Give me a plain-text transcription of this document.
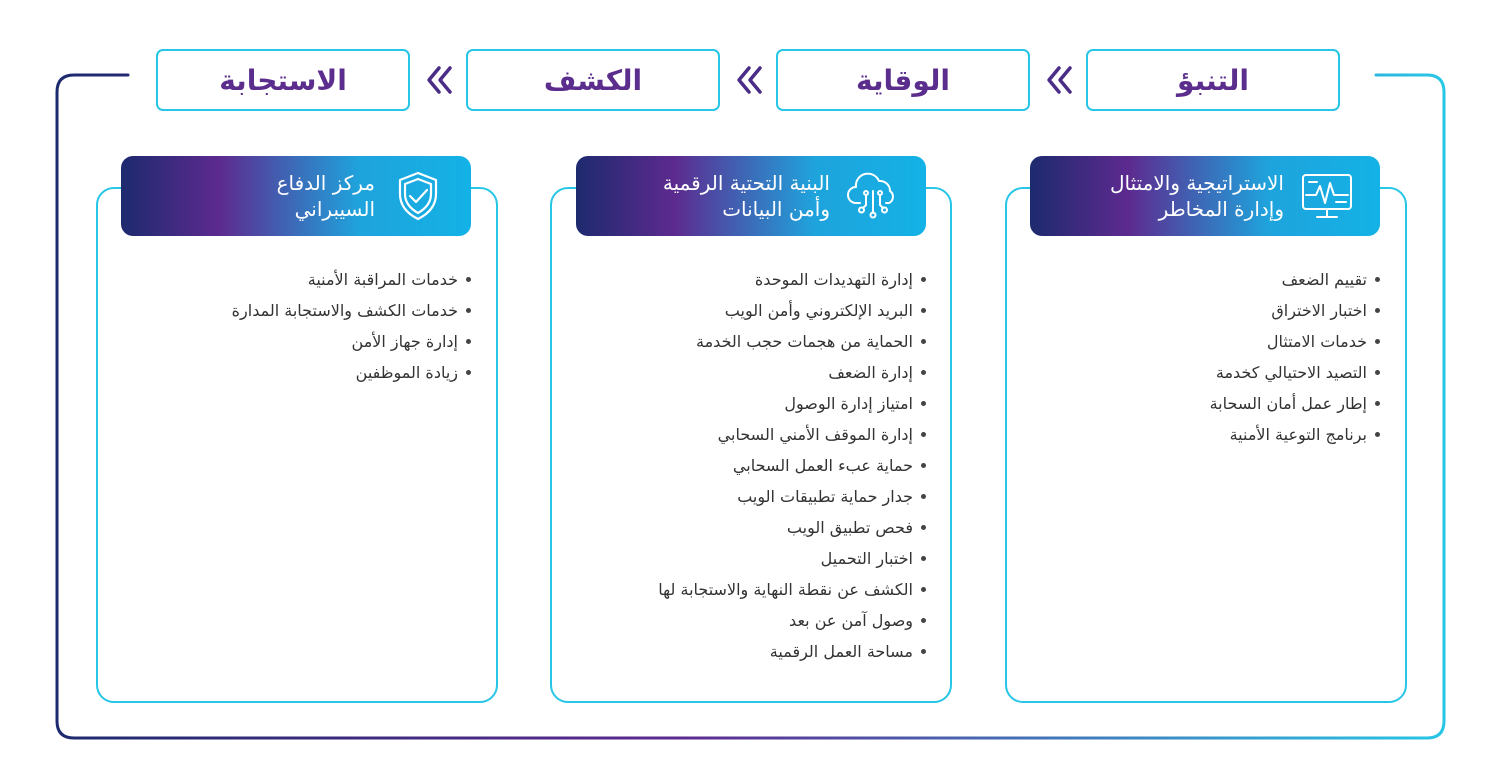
التنبؤ
الوقاية
الكشف
الاستجابة
الاستراتيجية والامتثال
وإدارة المخاطر
تقييم الضعف
اختبار الاختراق
خدمات الامتثال
التصيد الاحتيالي كخدمة
إطار عمل أمان السحابة
برنامج التوعية الأمنية
البنية التحتية الرقمية
وأمن البيانات
إدارة التهديدات الموحدة
البريد الإلكتروني وأمن الويب
الحماية من هجمات حجب الخدمة
إدارة الضعف
امتياز إدارة الوصول
إدارة الموقف الأمني السحابي
حماية عبء العمل السحابي
جدار حماية تطبيقات الويب
فحص تطبيق الويب
اختبار التحميل
الكشف عن نقطة النهاية والاستجابة لها
وصول آمن عن بعد
مساحة العمل الرقمية
مركز الدفاع
السيبراني
خدمات المراقبة الأمنية
خدمات الكشف والاستجابة المدارة
إدارة جهاز الأمن
زيادة الموظفين
